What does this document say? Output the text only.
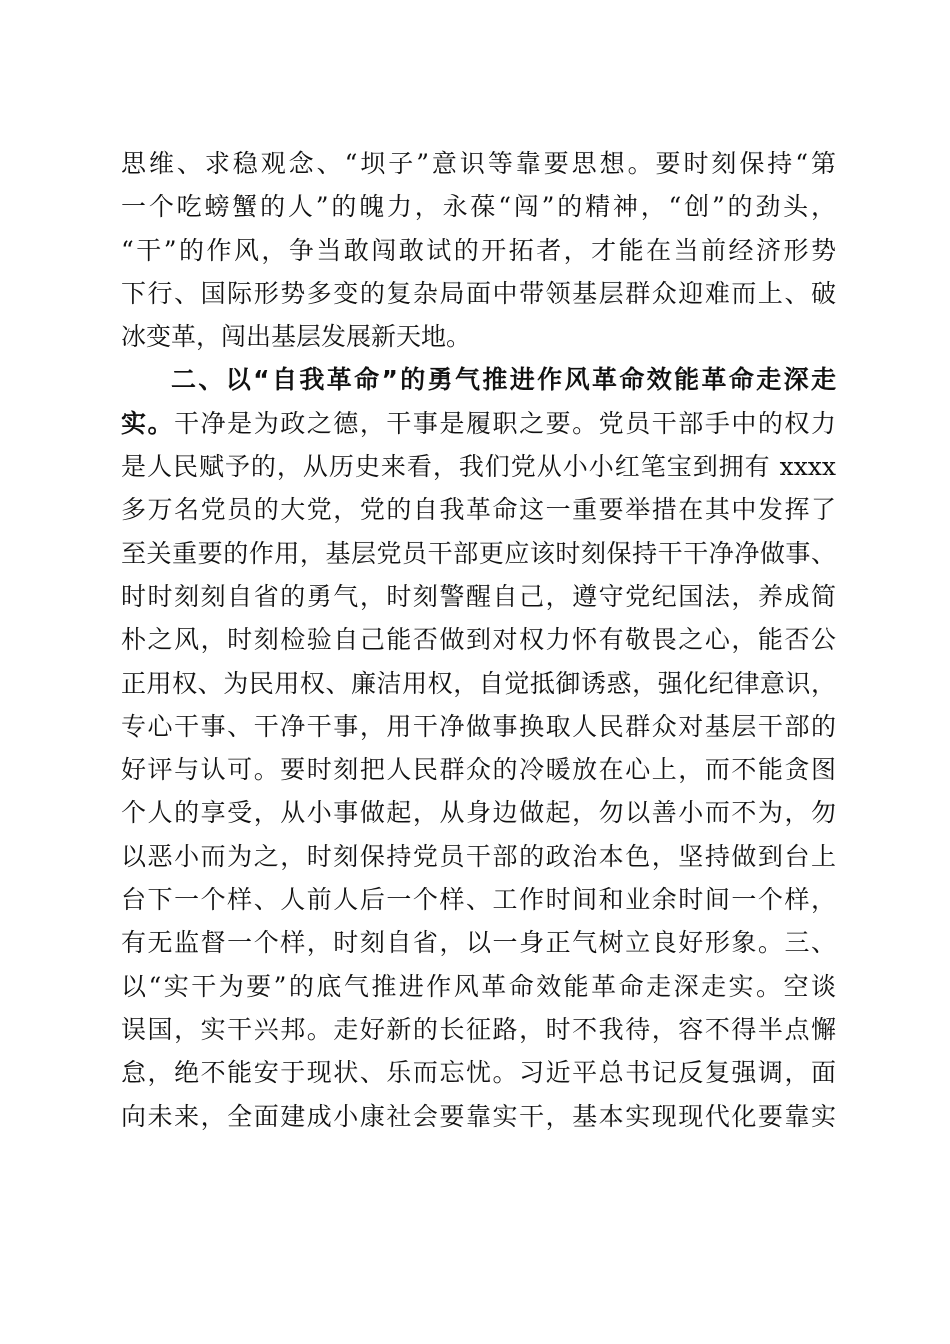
思维、求稳观念、“坝子”意识等靠要思想。要时刻保持“第
一个吃螃蟹的人”的魄力，永葆“闯”的精神，“创”的劲头，
“干”的作风，争当敢闯敢试的开拓者，才能在当前经济形势
下行、国际形势多变的复杂局面中带领基层群众迎难而上、破
冰变革，闯出基层发展新天地。
二、以“自我革命”的勇气推进作风革命效能革命走深走
实。干净是为政之德，干事是履职之要。党员干部手中的权力
是人民赋予的，从历史来看，我们党从小小红笔宝到拥有 xxxx
多万名党员的大党，党的自我革命这一重要举措在其中发挥了
至关重要的作用，基层党员干部更应该时刻保持干干净净做事、
时时刻刻自省的勇气，时刻警醒自己，遵守党纪国法，养成简
朴之风，时刻检验自己能否做到对权力怀有敬畏之心，能否公
正用权、为民用权、廉洁用权，自觉抵御诱惑，强化纪律意识，
专心干事、干净干事，用干净做事换取人民群众对基层干部的
好评与认可。要时刻把人民群众的冷暖放在心上，而不能贪图
个人的享受，从小事做起，从身边做起，勿以善小而不为，勿
以恶小而为之，时刻保持党员干部的政治本色，坚持做到台上
台下一个样、人前人后一个样、工作时间和业余时间一个样，
有无监督一个样，时刻自省，以一身正气树立良好形象。三、
以“实干为要”的底气推进作风革命效能革命走深走实。空谈
误国，实干兴邦。走好新的长征路，时不我待，容不得半点懈
怠，绝不能安于现状、乐而忘忧。习近平总书记反复强调，面
向未来，全面建成小康社会要靠实干，基本实现现代化要靠实
